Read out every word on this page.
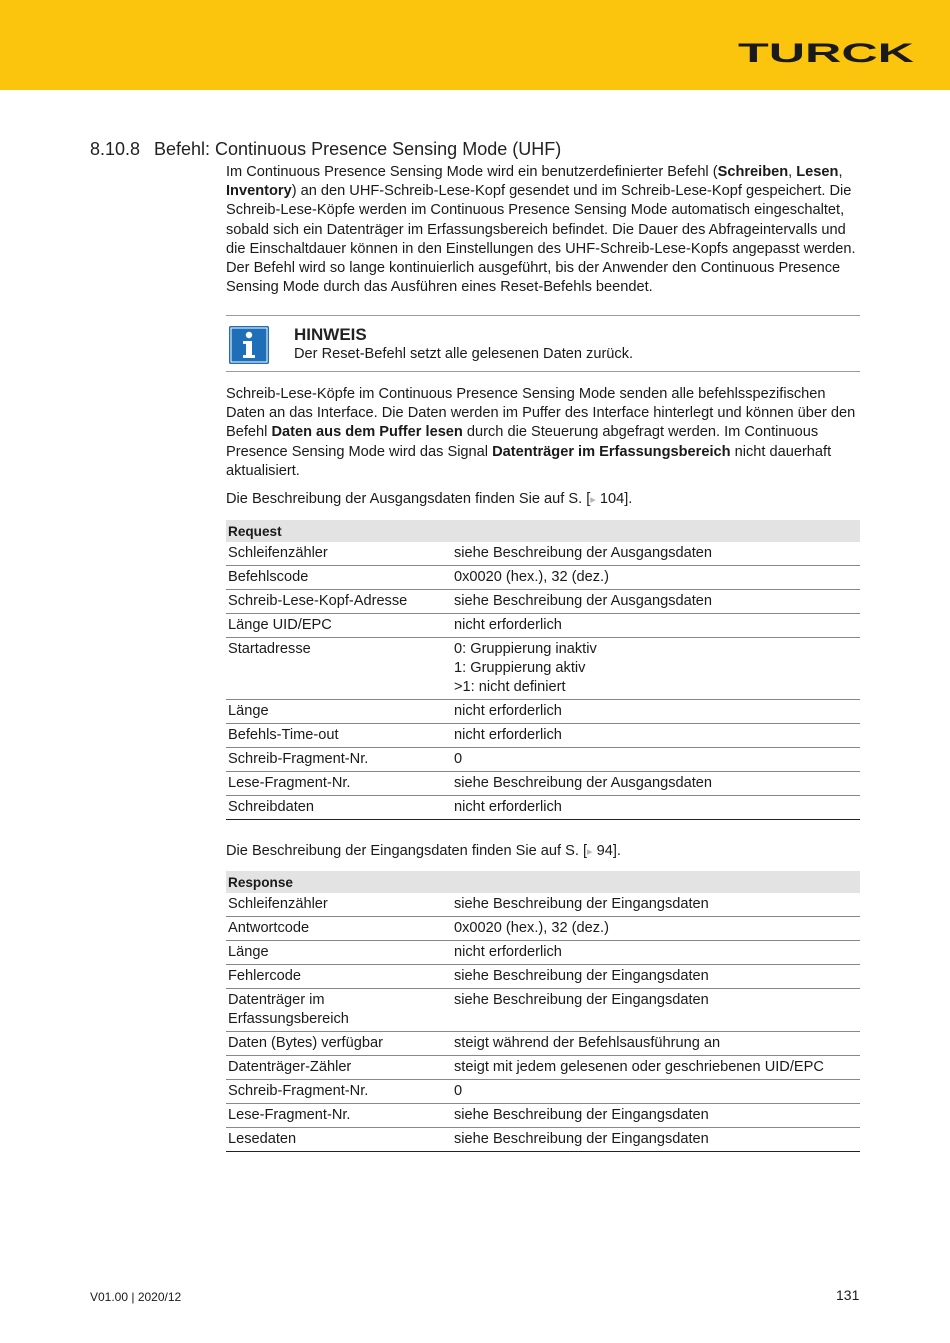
TURCK
8.10.8 Befehl: Continuous Presence Sensing Mode (UHF)

Im Continuous Presence Sensing Mode wird ein benutzerdefinierter Befehl (Schreiben, Lesen, Inventory) an den UHF-Schreib-Lese-Kopf gesendet und im Schreib-Lese-Kopf gespeichert. Die Schreib-Lese-Köpfe werden im Continuous Presence Sensing Mode automatisch eingeschaltet, sobald sich ein Datenträger im Erfassungsbereich befindet. Die Dauer des Abfrageintervalls und die Einschaltdauer können in den Einstellungen des UHF-Schreib-Lese-Kopfs angepasst werden. Der Befehl wird so lange kontinuierlich ausgeführt, bis der Anwender den Continuous Presence Sensing Mode durch das Ausführen eines Reset-Befehls beendet.

HINWEIS
Der Reset-Befehl setzt alle gelesenen Daten zurück.

Schreib-Lese-Köpfe im Continuous Presence Sensing Mode senden alle befehlsspezifischen Daten an das Interface. Die Daten werden im Puffer des Interface hinterlegt und können über den Befehl Daten aus dem Puffer lesen durch die Steuerung abgefragt werden. Im Continuous Presence Sensing Mode wird das Signal Datenträger im Erfassungsbereich nicht dauerhaft aktualisiert.

Die Beschreibung der Ausgangsdaten finden Sie auf S. [▸ 104].

Request	
Schleifenzähler	siehe Beschreibung der Ausgangsdaten
Befehlscode	0x0020 (hex.), 32 (dez.)
Schreib-Lese-Kopf-Adresse	siehe Beschreibung der Ausgangsdaten
Länge UID/EPC	nicht erforderlich
Startadresse	0: Gruppierung inaktiv
1: Gruppierung aktiv
>1: nicht definiert

Länge	nicht erforderlich
Befehls-Time-out	nicht erforderlich
Schreib-Fragment-Nr.	0
Lese-Fragment-Nr.	siehe Beschreibung der Ausgangsdaten
Schreibdaten	nicht erforderlich

Die Beschreibung der Eingangsdaten finden Sie auf S. [▸ 94].

Response	
Schleifenzähler	siehe Beschreibung der Eingangsdaten
Antwortcode	0x0020 (hex.), 32 (dez.)
Länge	nicht erforderlich
Fehlercode	siehe Beschreibung der Eingangsdaten

Datenträger im
Erfassungsbereich	siehe Beschreibung der Eingangsdaten
Daten (Bytes) verfügbar	steigt während der Befehlsausführung an
Datenträger-Zähler	steigt mit jedem gelesenen oder geschriebenen UID/EPC
Schreib-Fragment-Nr.	0
Lese-Fragment-Nr.	siehe Beschreibung der Eingangsdaten
Lesedaten	siehe Beschreibung der Eingangsdaten
V01.00 | 2020/12	131
